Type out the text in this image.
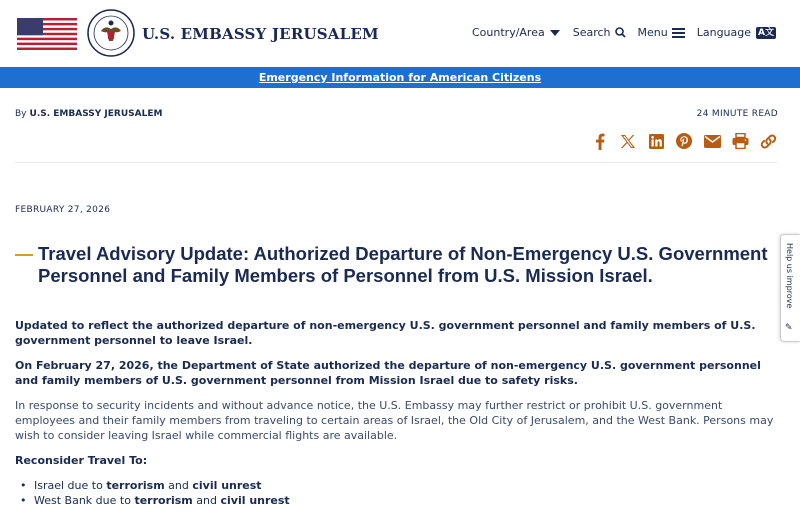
U.S. EMBASSY JERUSALEM	Country/Area	Search Menu	Language A文
Emergency Information for American Citizens
By U.S. EMBASSY JERUSALEM	24 MINUTE READ
FEBRUARY 27, 2026
Travel Advisory Update: Authorized Departure of Non-Emergency U.S. Government Personnel and Family Members of Personnel from U.S. Mission Israel.

Updated to reflect the authorized departure of non-emergency U.S. government personnel and family members of U.S. government personnel to leave Israel.

On February 27, 2026, the Department of State authorized the departure of non-emergency U.S. government personnel and family members of U.S. government personnel from Mission Israel due to safety risks.

In response to security incidents and without advance notice, the U.S. Embassy may further restrict or prohibit U.S. government employees and their family members from traveling to certain areas of Israel, the Old City of Jerusalem, and the West Bank. Persons may wish to consider leaving Israel while commercial flights are available.

Reconsider Travel To:

• Israel due to terrorism and civil unrest
• West Bank due to terrorism and civil unrest
Help us improve
✎
